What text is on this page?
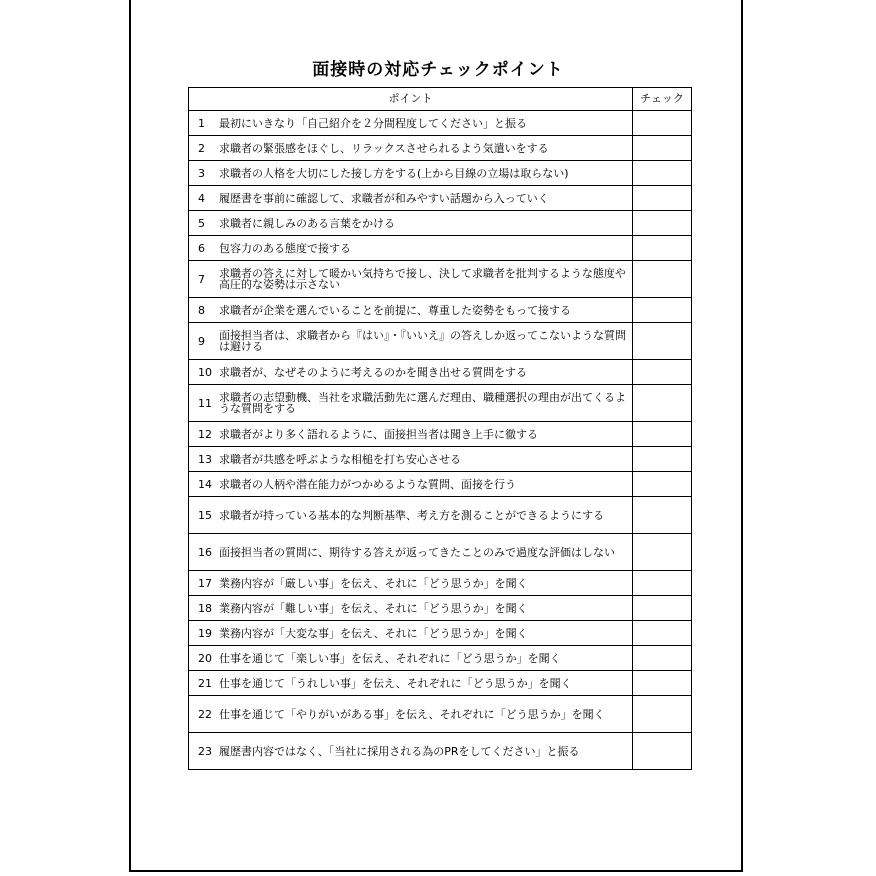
面接時の対応チェックポイント
ポイント	チェック

1 最初にいきなり「自己紹介を２分間程度してください」と振る	

2 求職者の緊張感をほぐし、リラックスさせられるよう気遣いをする	

3 求職者の人格を大切にした接し方をする(上から目線の立場は取らない)	

4 履歴書を事前に確認して、求職者が和みやすい話題から入っていく	

5 求職者に親しみのある言葉をかける	

6 包容力のある態度で接する	

7 求職者の答えに対して暖かい気持ちで接し、決して求職者を批判するような態度や高圧的な姿勢は示さない	

8 求職者が企業を選んでいることを前提に、尊重した姿勢をもって接する	

9 面接担当者は、求職者から『はい』・『いいえ』の答えしか返ってこないような質問は避ける	

10 求職者が、なぜそのように考えるのかを聞き出せる質問をする	

11 求職者の志望動機、当社を求職活動先に選んだ理由、職種選択の理由が出てくるような質問をする	

12 求職者がより多く語れるように、面接担当者は聞き上手に徹する	

13 求職者が共感を呼ぶような相槌を打ち安心させる	

14 求職者の人柄や潜在能力がつかめるような質問、面接を行う	

15 求職者が持っている基本的な判断基準、考え方を測ることができるようにする	

16 面接担当者の質問に、期待する答えが返ってきたことのみで過度な評価はしない	

17 業務内容が「厳しい事」を伝え、それに「どう思うか」を聞く	

18 業務内容が「難しい事」を伝え、それに「どう思うか」を聞く	

19 業務内容が「大変な事」を伝え、それに「どう思うか」を聞く	

20 仕事を通じて「楽しい事」を伝え、それぞれに「どう思うか」を聞く	

21 仕事を通じて「うれしい事」を伝え、それぞれに「どう思うか」を聞く	

22 仕事を通じて「やりがいがある事」を伝え、それぞれに「どう思うか」を聞く	

23 履歴書内容ではなく、「当社に採用される為のPRをしてください」と振る	
